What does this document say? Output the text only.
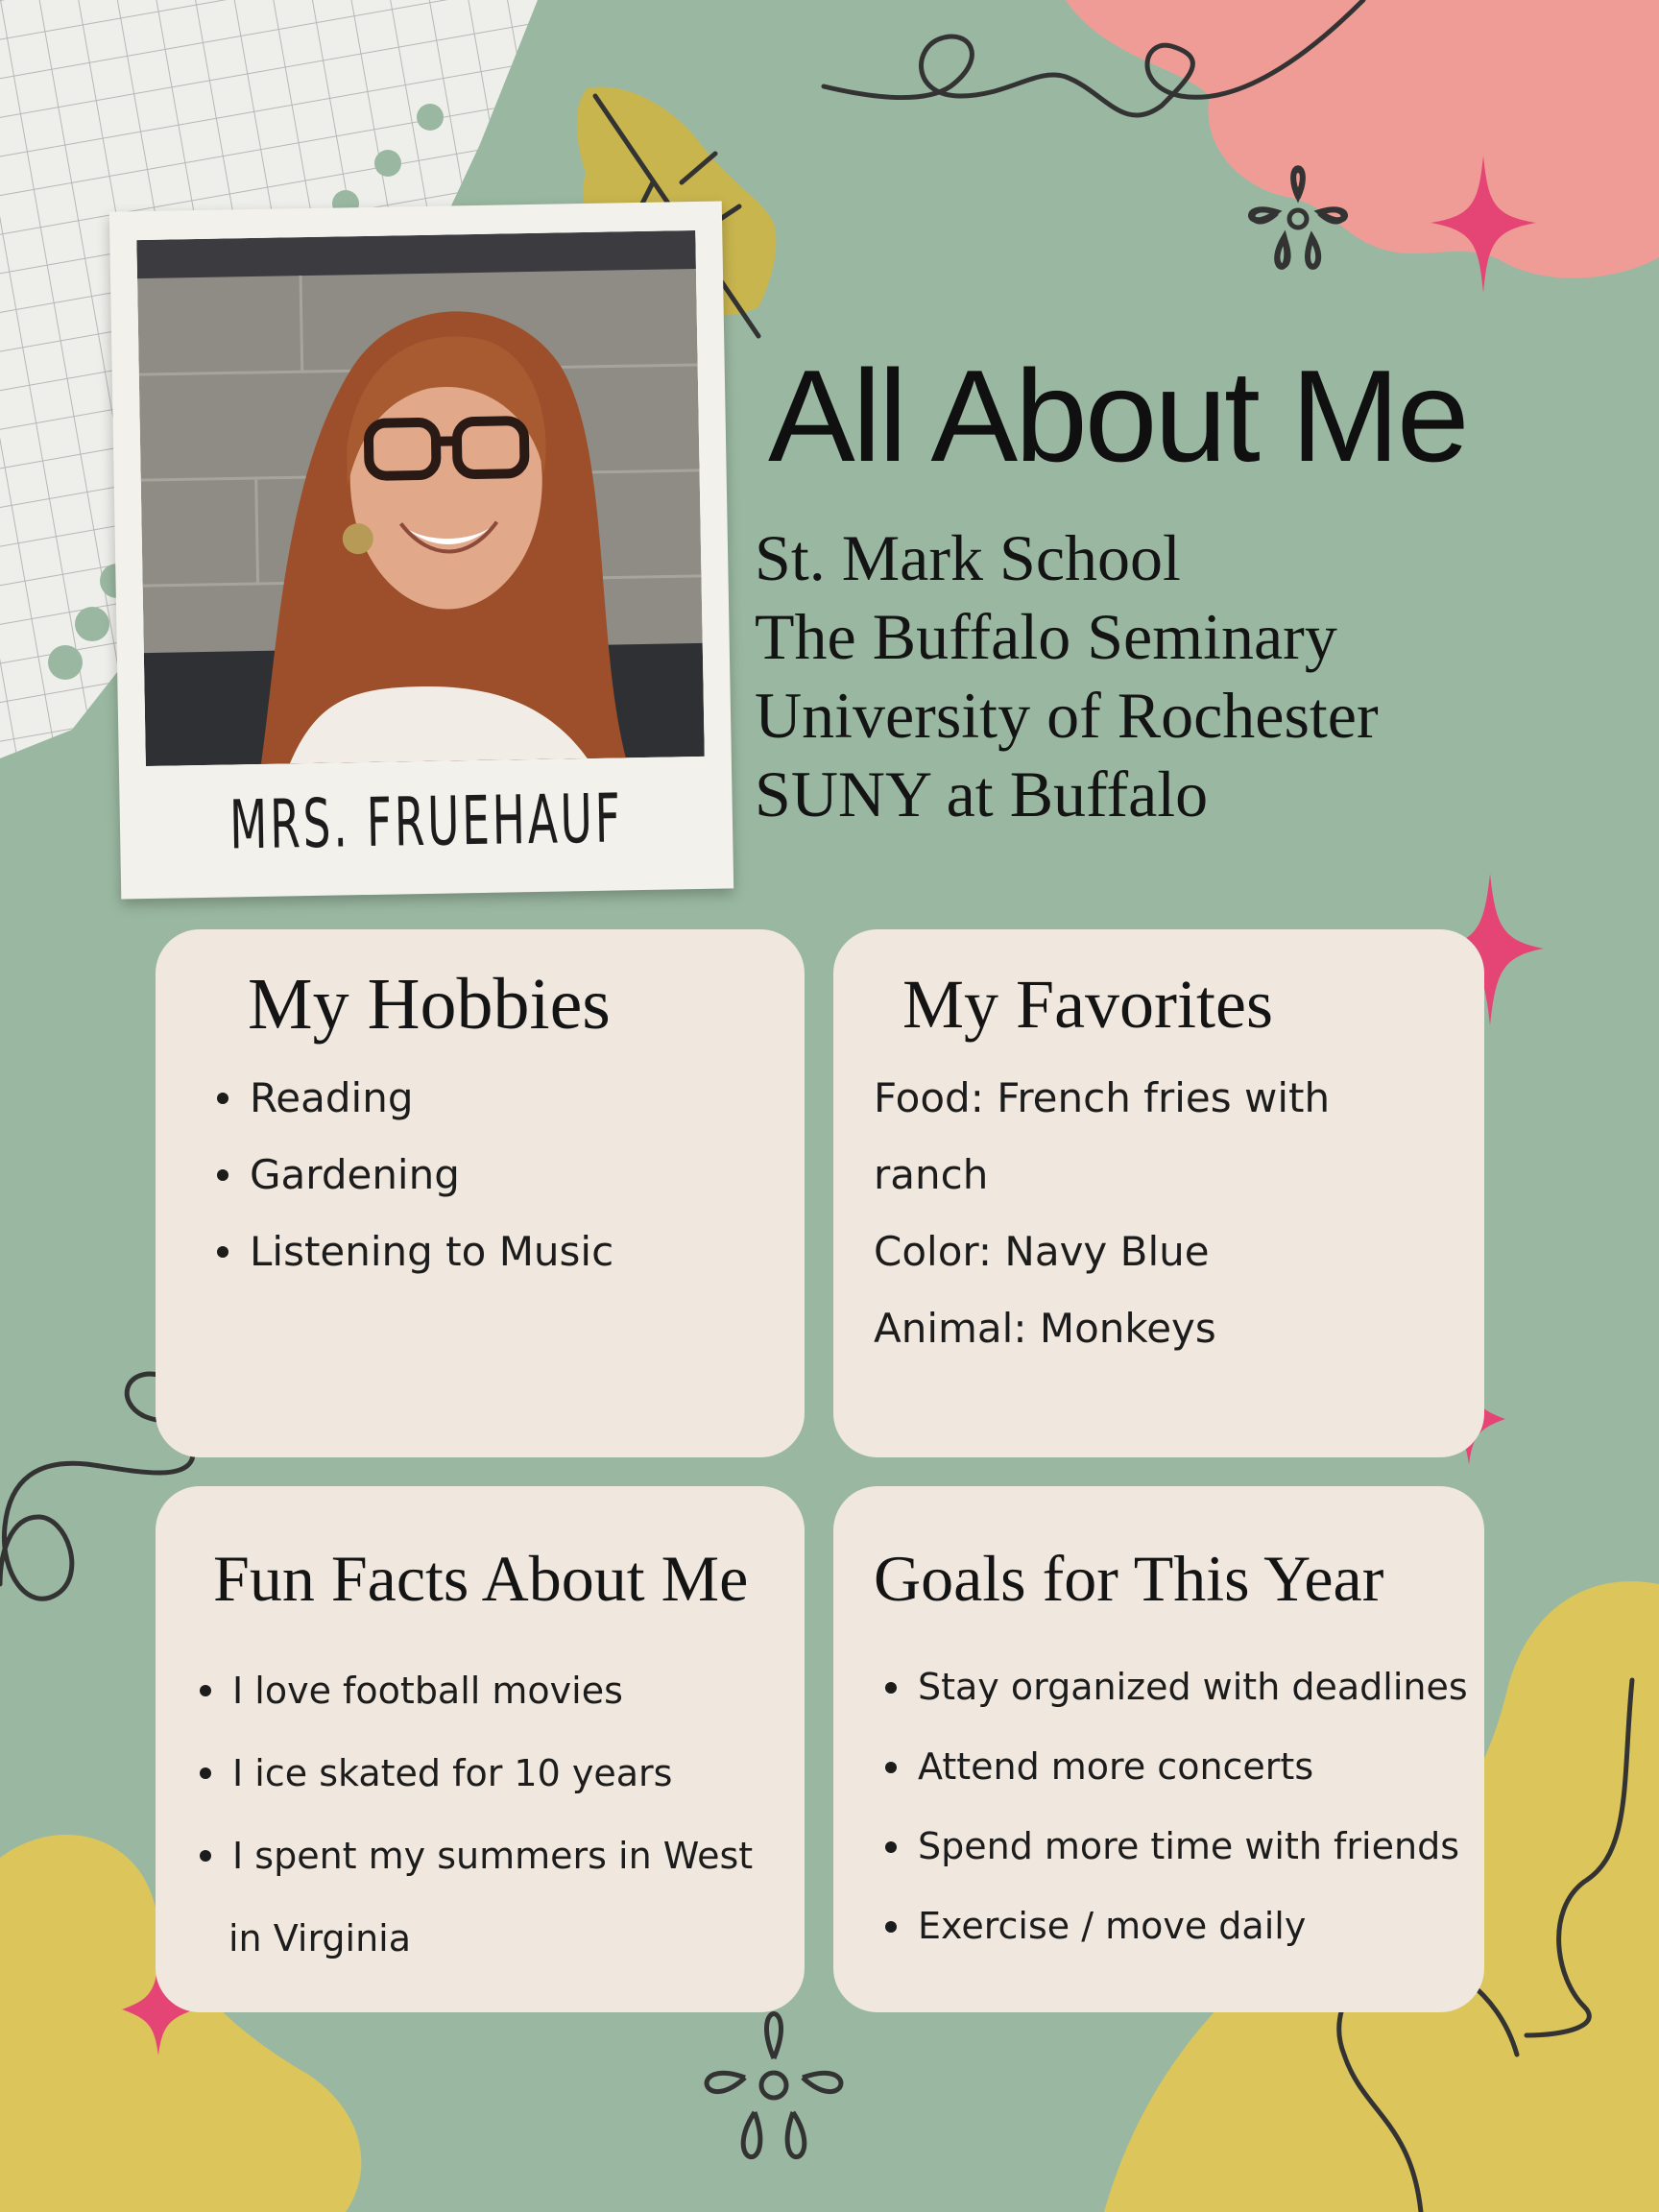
MRS. FRUEHAUF
All About Me
St. Mark School
The Buffalo Seminary
University of Rochester
SUNY at Buffalo
My Hobbies
Reading
Gardening
Listening to Music
My Favorites
Food: French fries with
ranch
Color: Navy Blue
Animal: Monkeys
Fun Facts About Me
I love football movies
I ice skated for 10 years
I spent my summers in West
in Virginia
Goals for This Year
Stay organized with deadlines
Attend more concerts
Spend more time with friends
Exercise / move daily
